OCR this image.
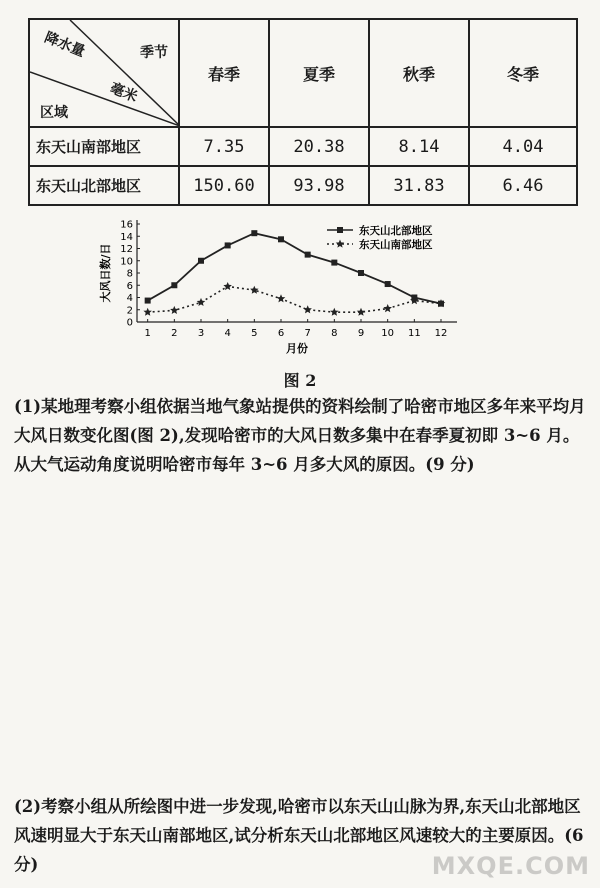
降水量
毫米
季节
区域	春季	夏季	秋季	冬季
东天山南部地区	7.35	20.38	8.14	4.04
东天山北部地区	150.60	93.98	31.83	6.46
0
2
4
6
8
10
12
14
16
1 2 3 4 5 6 7 8 9 10 11 12
月份
大风日数/日
东天山北部地区
东天山南部地区
图 2
(1)某地理考察小组依据当地气象站提供的资料绘制了哈密市地区多年来平均月大风日数变化图(图 2),发现哈密市的大风日数多集中在春季夏初即 3~6 月。从大气运动角度说明哈密市每年 3~6 月多大风的原因。(9 分)
(2)考察小组从所绘图中进一步发现,哈密市以东天山山脉为界,东天山北部地区风速明显大于东天山南部地区,试分析东天山北部地区风速较大的主要原因。(6 分)	MXQE.COM
